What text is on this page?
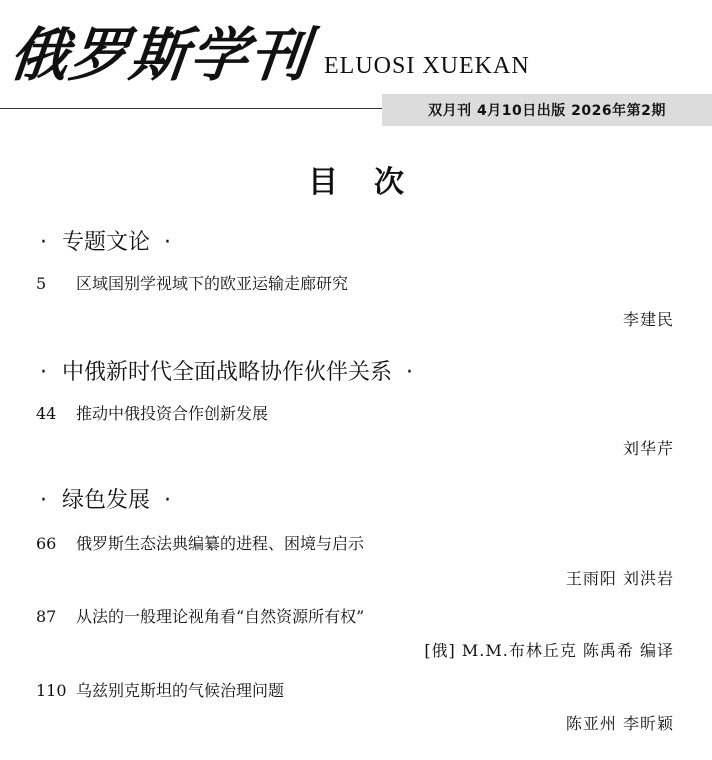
俄罗斯学刊 ELUOSI XUEKAN
双月刊 4月10日出版 2026年第2期
目次
· 专题文论 ·
5 区域国别学视域下的欧亚运输走廊研究
李建民
· 中俄新时代全面战略协作伙伴关系 ·
44 推动中俄投资合作创新发展
刘华芹
· 绿色发展 ·
66 俄罗斯生态法典编纂的进程、困境与启示
王雨阳 刘洪岩
87 从法的一般理论视角看“自然资源所有权”
[俄] M.M.布林丘克 陈禹希 编译
110 乌兹别克斯坦的气候治理问题
陈亚州 李昕颖
